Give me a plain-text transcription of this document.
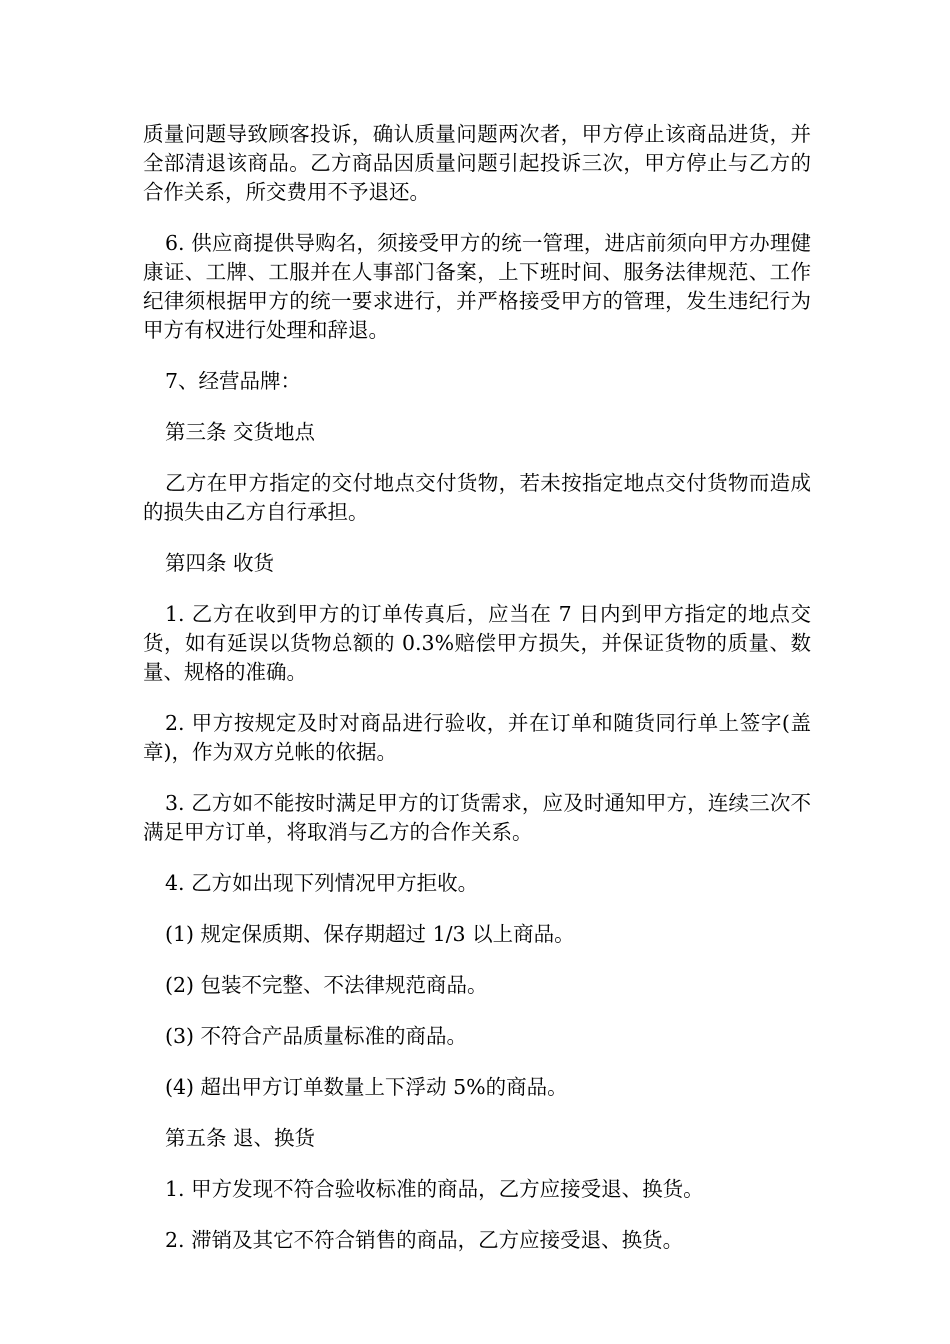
质量问题导致顾客投诉，确认质量问题两次者，甲方停止该商品进货，并全部清退该商品。乙方商品因质量问题引起投诉三次，甲方停止与乙方的合作关系，所交费用不予退还。

6. 供应商提供导购名，须接受甲方的统一管理，进店前须向甲方办理健康证、工牌、工服并在人事部门备案，上下班时间、服务法律规范、工作纪律须根据甲方的统一要求进行，并严格接受甲方的管理，发生违纪行为甲方有权进行处理和辞退。

7、经营品牌：

第三条 交货地点

乙方在甲方指定的交付地点交付货物，若未按指定地点交付货物而造成的损失由乙方自行承担。

第四条 收货

1. 乙方在收到甲方的订单传真后，应当在 7 日内到甲方指定的地点交货，如有延误以货物总额的 0.3%赔偿甲方损失，并保证货物的质量、数量、规格的准确。

2. 甲方按规定及时对商品进行验收，并在订单和随货同行单上签字(盖章)，作为双方兑帐的依据。

3. 乙方如不能按时满足甲方的订货需求，应及时通知甲方，连续三次不满足甲方订单，将取消与乙方的合作关系。

4. 乙方如出现下列情况甲方拒收。

(1) 规定保质期、保存期超过 1/3 以上商品。

(2) 包装不完整、不法律规范商品。

(3) 不符合产品质量标准的商品。

(4) 超出甲方订单数量上下浮动 5%的商品。

第五条 退、换货

1. 甲方发现不符合验收标准的商品，乙方应接受退、换货。

2. 滞销及其它不符合销售的商品，乙方应接受退、换货。
